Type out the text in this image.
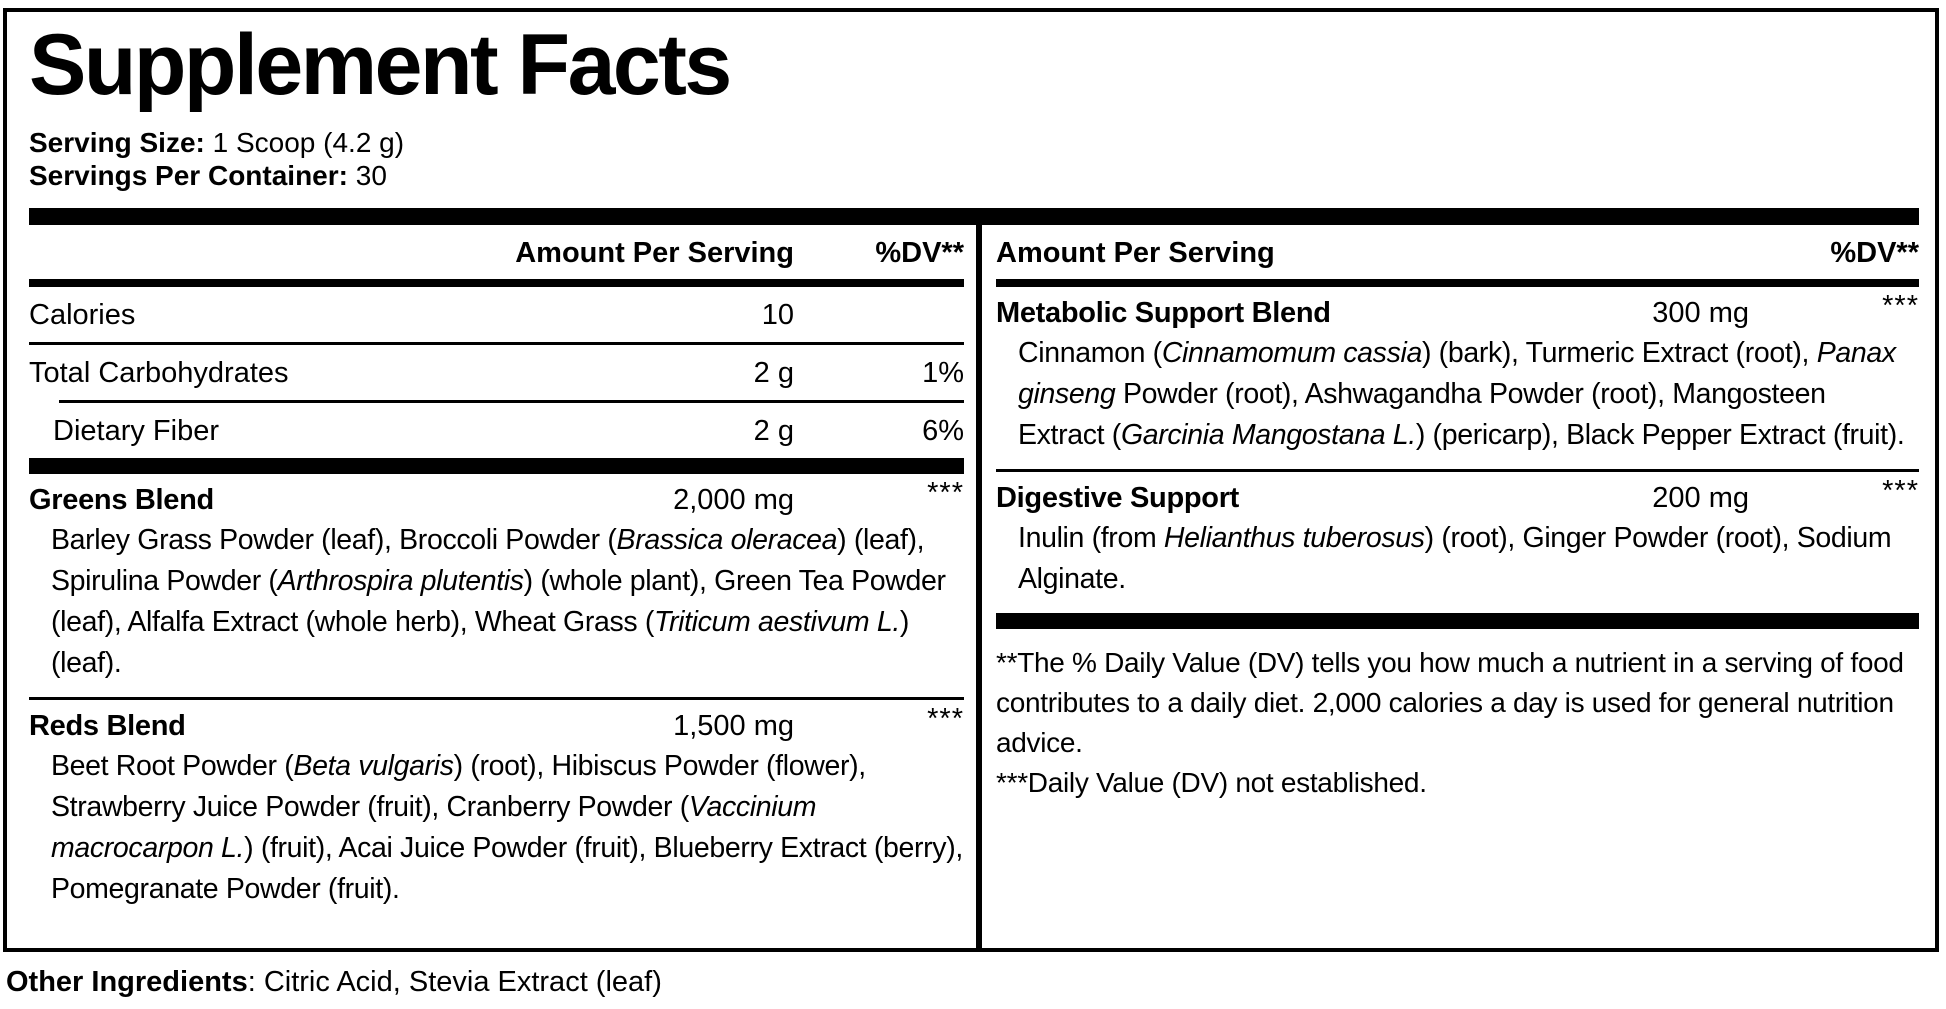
Supplement Facts
Serving Size: 1 Scoop (4.2 g)
Servings Per Container: 30
Amount Per Serving	%DV**
Calories	10
Total Carbohydrates	2 g	1%
Dietary Fiber	2 g	6%
Greens Blend	2,000 mg	***
Barley Grass Powder (leaf), Broccoli Powder (Brassica oleracea) (leaf), Spirulina Powder (Arthrospira plutentis) (whole plant), Green Tea Powder (leaf), Alfalfa Extract (whole herb), Wheat Grass (Triticum aestivum L.) (leaf).
Reds Blend	1,500 mg	***
Beet Root Powder (Beta vulgaris) (root), Hibiscus Powder (flower), Strawberry Juice Powder (fruit), Cranberry Powder (Vaccinium macrocarpon L.) (fruit), Acai Juice Powder (fruit), Blueberry Extract (berry), Pomegranate Powder (fruit).
Amount Per Serving	%DV**
Metabolic Support Blend	300 mg	***
Cinnamon (Cinnamomum cassia) (bark), Turmeric Extract (root), Panax ginseng Powder (root), Ashwagandha Powder (root), Mangosteen Extract (Garcinia Mangostana L.) (pericarp), Black Pepper Extract (fruit).
Digestive Support	200 mg	***
Inulin (from Helianthus tuberosus) (root), Ginger Powder (root), Sodium Alginate.
**The % Daily Value (DV) tells you how much a nutrient in a serving of food contributes to a daily diet. 2,000 calories a day is used for general nutrition advice.
***Daily Value (DV) not established.
Other Ingredients: Citric Acid, Stevia Extract (leaf)
